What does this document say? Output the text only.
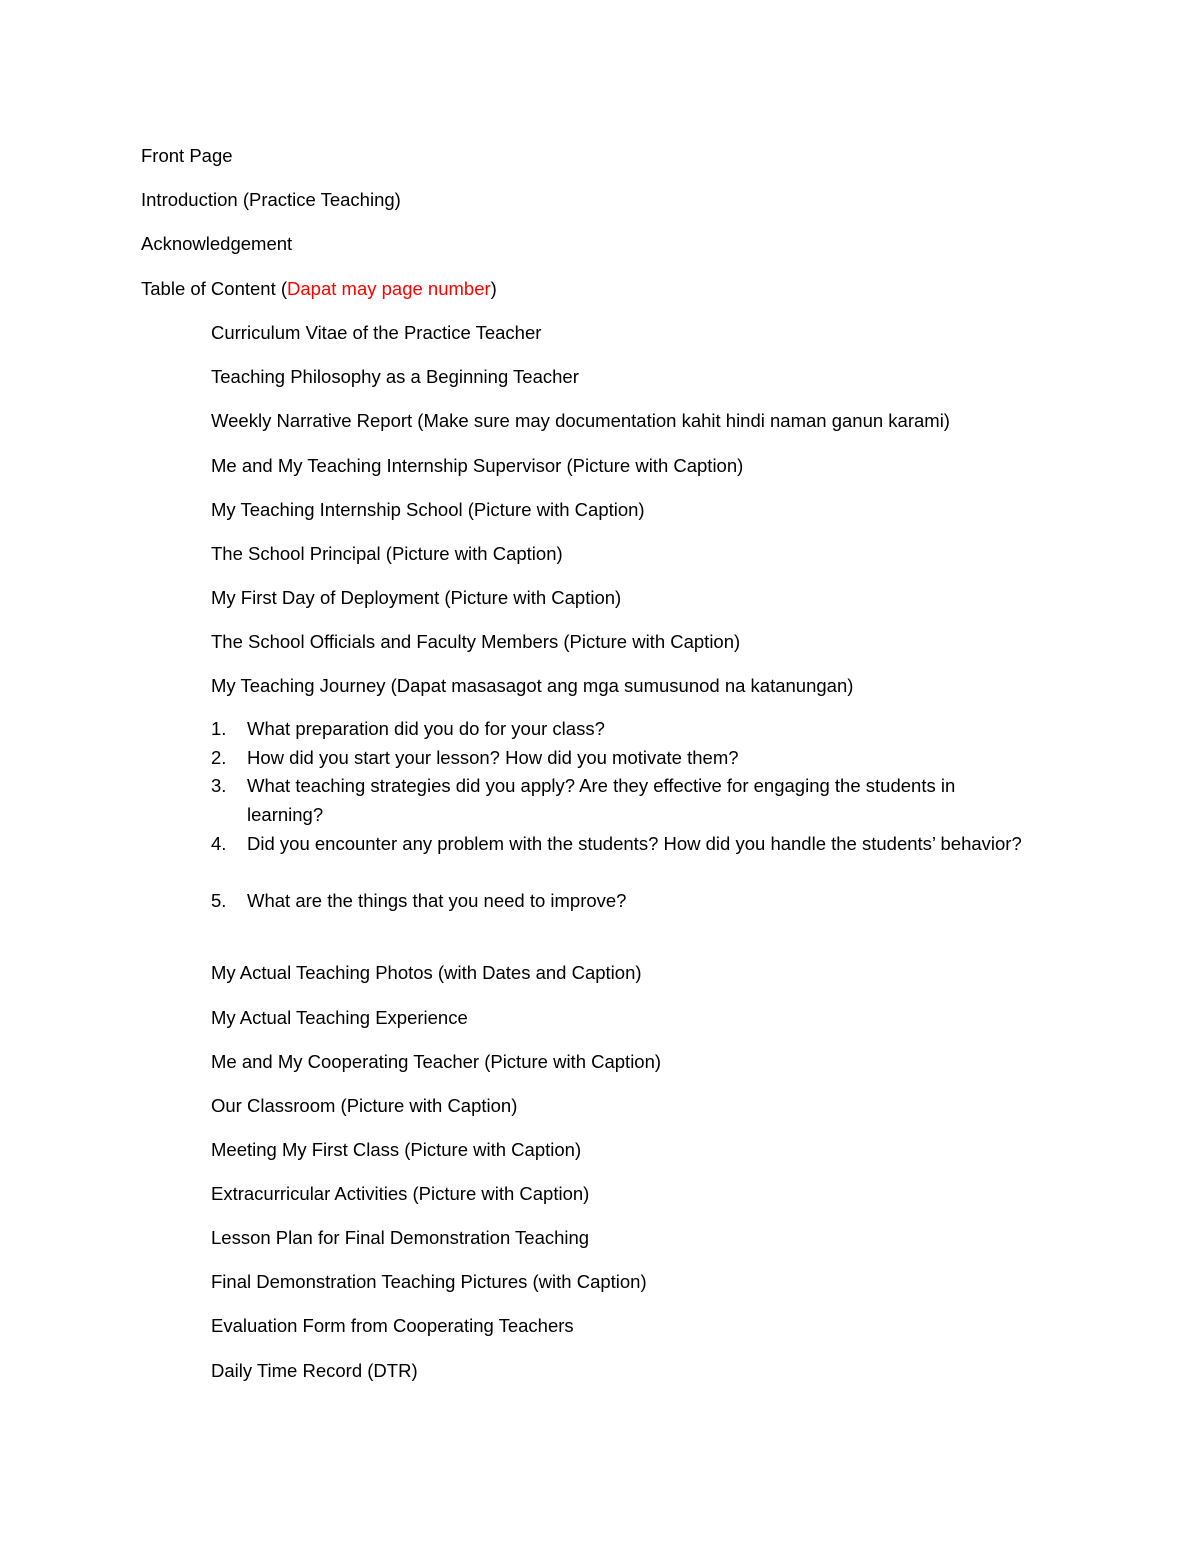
Front Page
Introduction (Practice Teaching)
Acknowledgement
Table of Content (Dapat may page number)
Curriculum Vitae of the Practice Teacher
Teaching Philosophy as a Beginning Teacher
Weekly Narrative Report (Make sure may documentation kahit hindi naman ganun karami)
Me and My Teaching Internship Supervisor (Picture with Caption)
My Teaching Internship School (Picture with Caption)
The School Principal (Picture with Caption)
My First Day of Deployment (Picture with Caption)
The School Officials and Faculty Members (Picture with Caption)
My Teaching Journey (Dapat masasagot ang mga sumusunod na katanungan)
1. What preparation did you do for your class?
2. How did you start your lesson? How did you motivate them?
3. What teaching strategies did you apply? Are they effective for engaging the students in learning?
4. Did you encounter any problem with the students? How did you handle the students’ behavior?
5. What are the things that you need to improve?
My Actual Teaching Photos (with Dates and Caption)
My Actual Teaching Experience
Me and My Cooperating Teacher (Picture with Caption)
Our Classroom (Picture with Caption)
Meeting My First Class (Picture with Caption)
Extracurricular Activities (Picture with Caption)
Lesson Plan for Final Demonstration Teaching
Final Demonstration Teaching Pictures (with Caption)
Evaluation Form from Cooperating Teachers
Daily Time Record (DTR)
